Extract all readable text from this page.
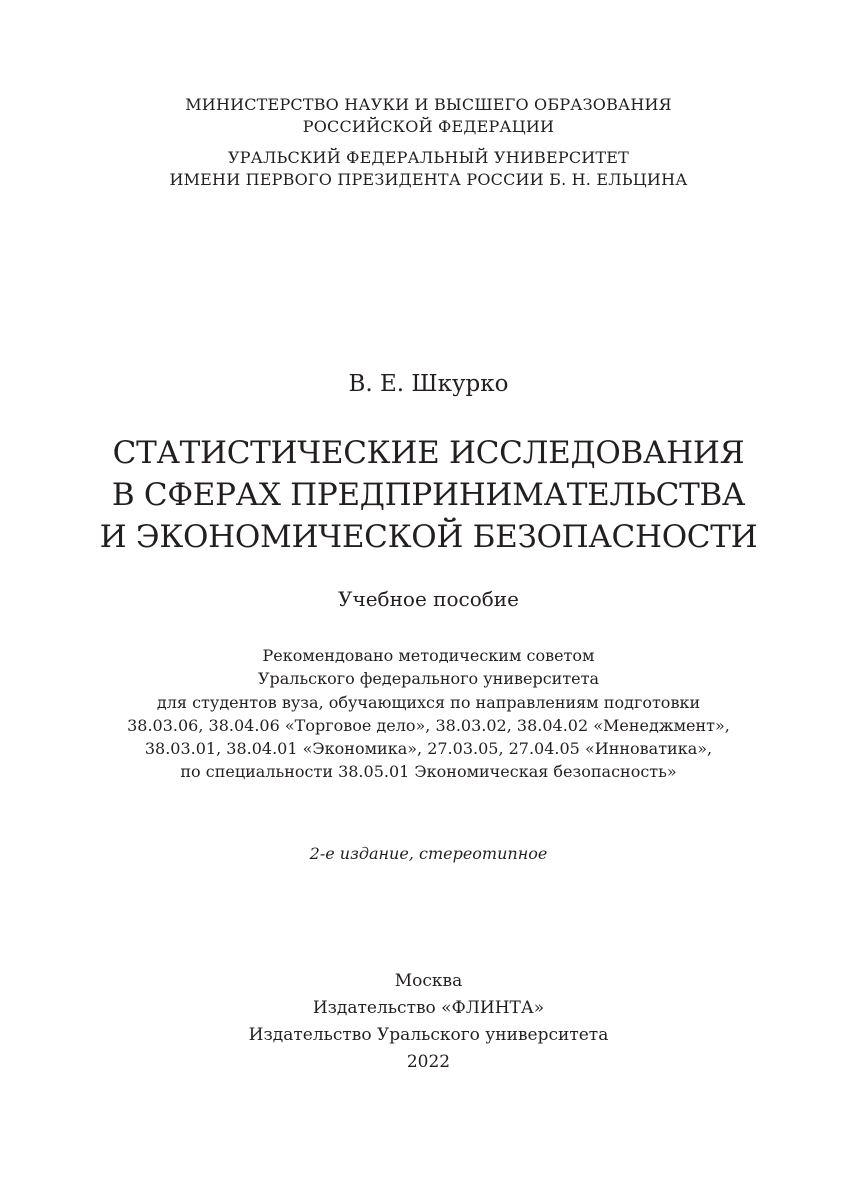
МИНИСТЕРСТВО НАУКИ И ВЫСШЕГО ОБРАЗОВАНИЯ
РОССИЙСКОЙ ФЕДЕРАЦИИ
УРАЛЬСКИЙ ФЕДЕРАЛЬНЫЙ УНИВЕРСИТЕТ
ИМЕНИ ПЕРВОГО ПРЕЗИДЕНТА РОССИИ Б. Н. ЕЛЬЦИНА
В. Е. Шкурко
СТАТИСТИЧЕСКИЕ ИССЛЕДОВАНИЯ
В СФЕРАХ ПРЕДПРИНИМАТЕЛЬСТВА
И ЭКОНОМИЧЕСКОЙ БЕЗОПАСНОСТИ
Учебное пособие
Рекомендовано методическим советом
Уральского федерального университета
для студентов вуза, обучающихся по направлениям подготовки
38.03.06, 38.04.06 «Торговое дело», 38.03.02, 38.04.02 «Менеджмент»,
38.03.01, 38.04.01 «Экономика», 27.03.05, 27.04.05 «Инноватика»,
по специальности 38.05.01 Экономическая безопасность»
2-е издание, стереотипное
Москва
Издательство «ФЛИНТА»
Издательство Уральского университета
2022
